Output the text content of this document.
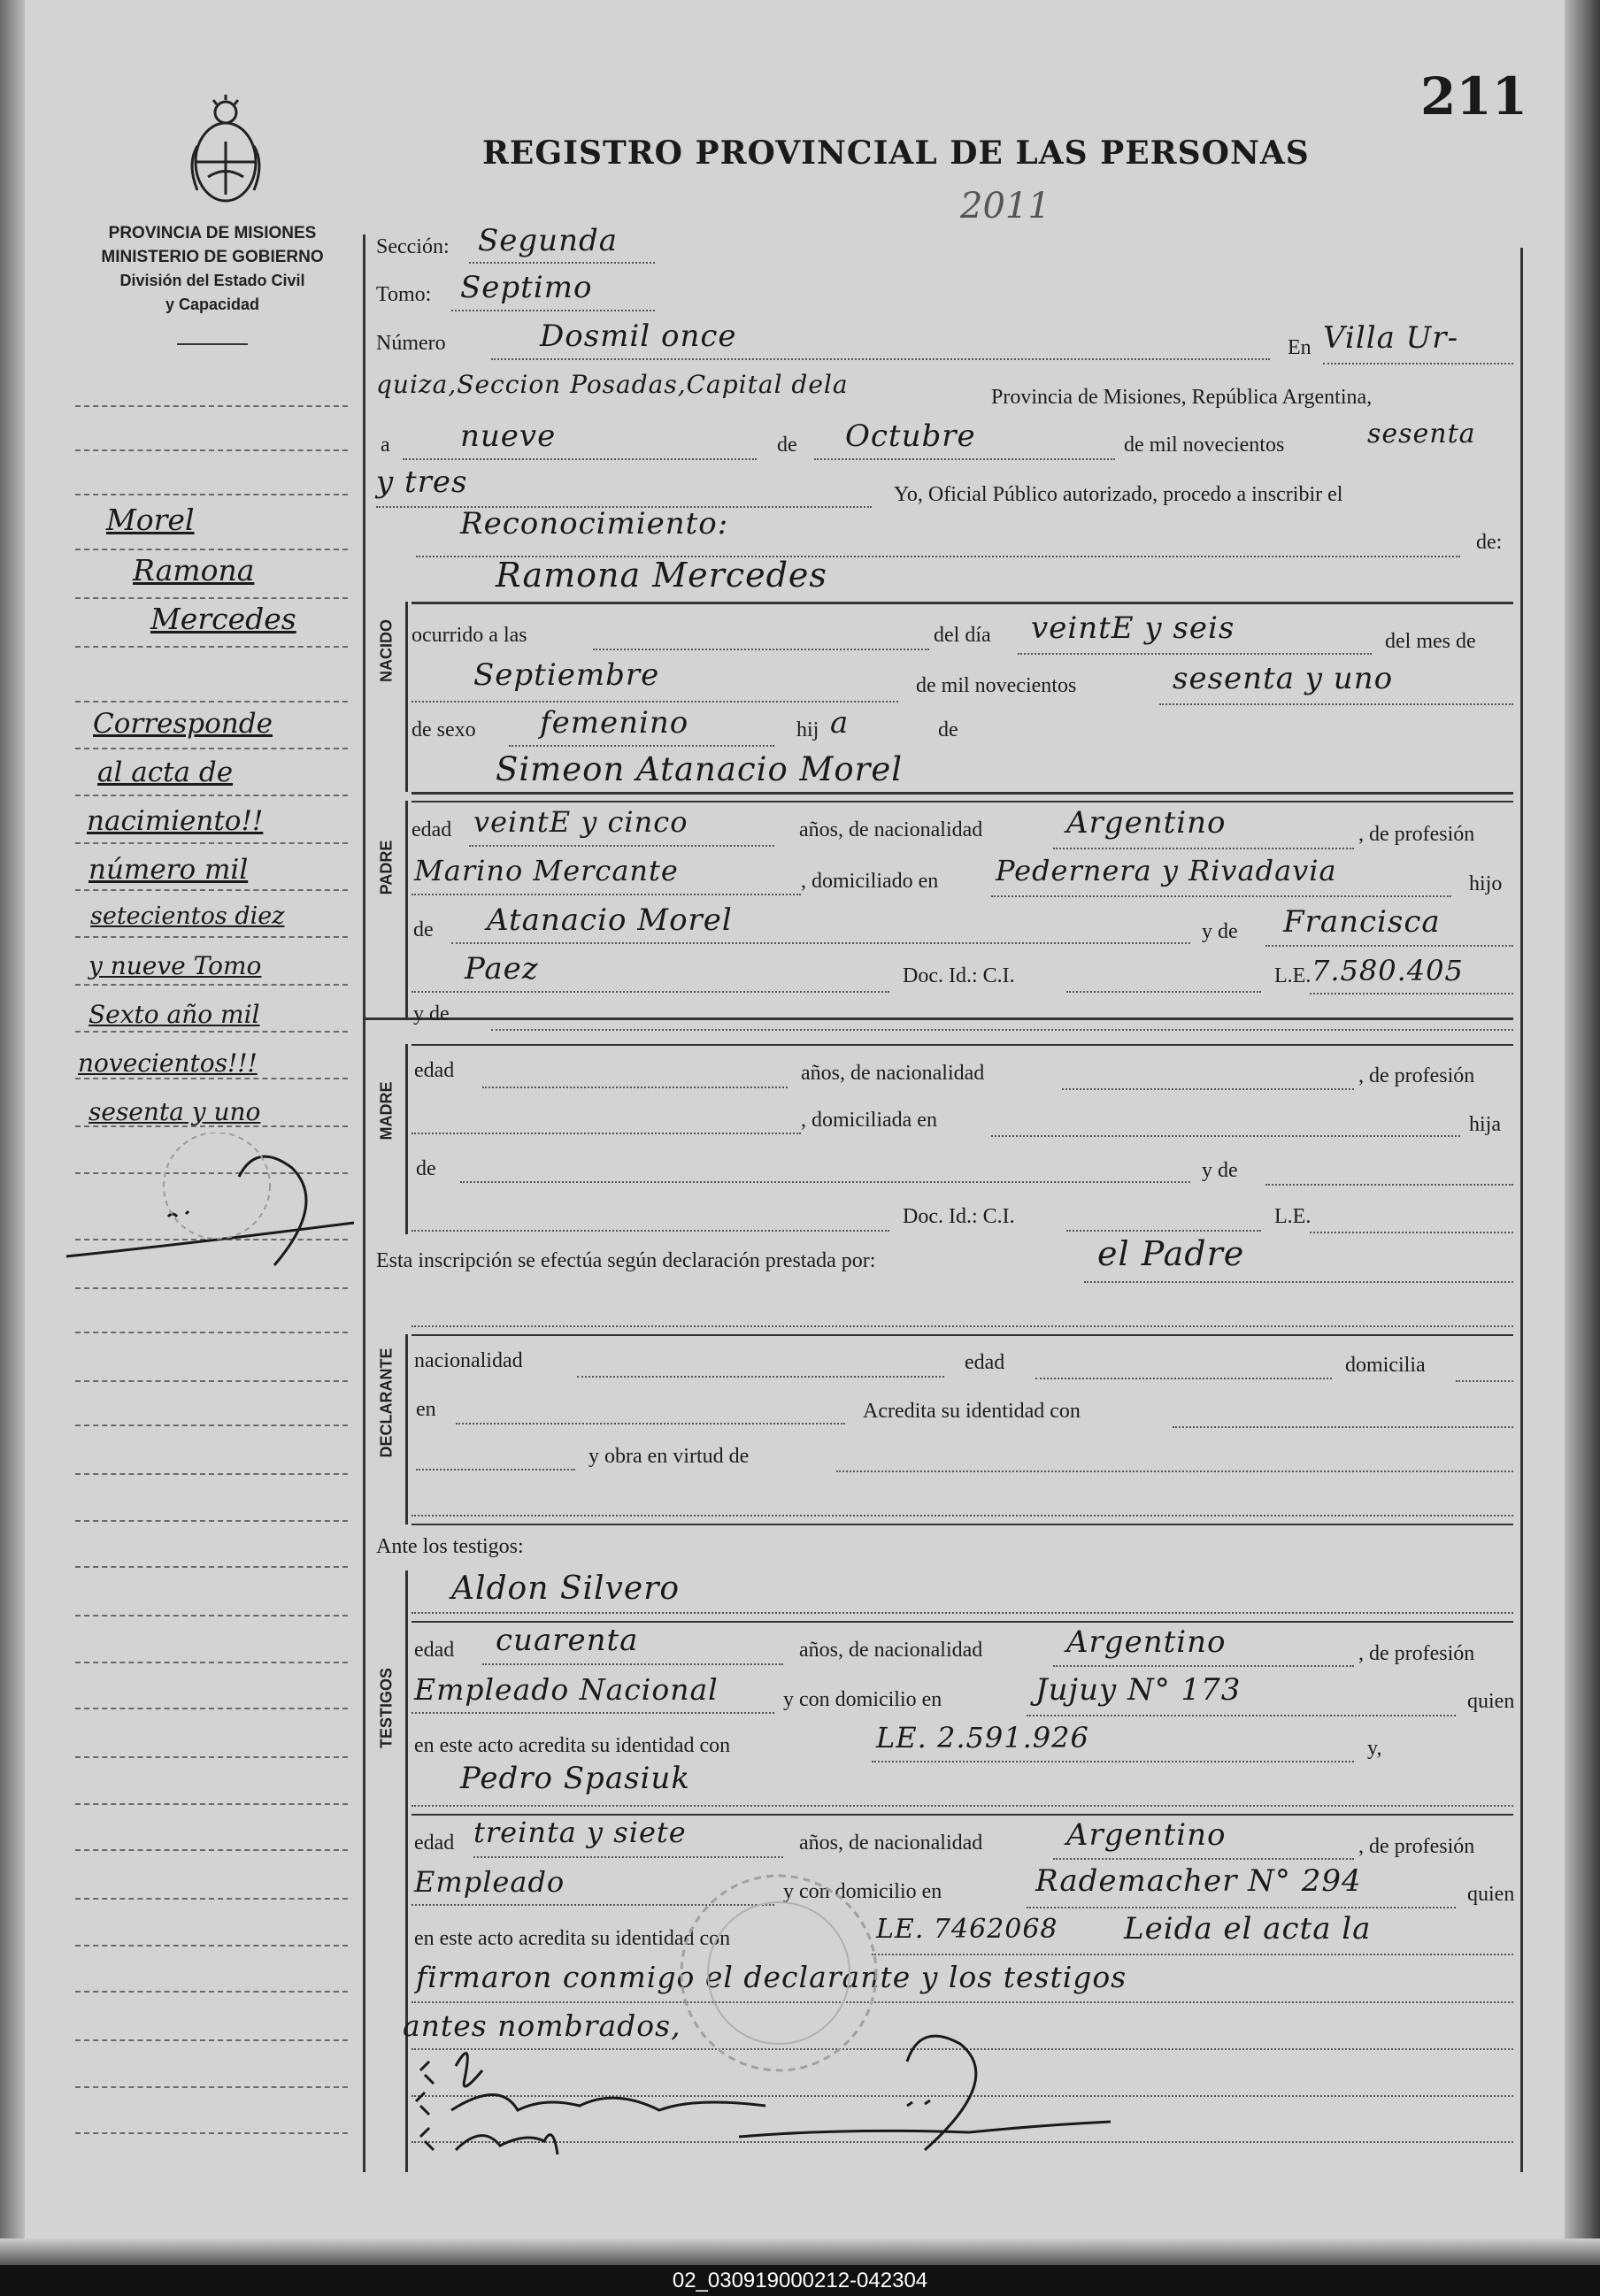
211
REGISTRO PROVINCIAL DE LAS PERSONAS
2011
PROVINCIA DE MISIONES
MINISTERIO DE GOBIERNO
División del Estado Civil
y Capacidad
Morel
Ramona
Mercedes
Corresponde
al acta de
nacimiento!!
número mil
setecientos diez
y nueve Tomo
Sexto año mil
novecientos!!!
sesenta y uno
Sección: Segunda
Tomo: Septimo
Número	Dosmil once	En Villa Ur-
quiza,Seccion Posadas,Capital dela	Provincia de Misiones, República Argentina,
a nueve	de Octubre	de mil novecientos	sesenta
y tres	Yo, Oficial Público autorizado, procedo a inscribir el
Reconocimiento:
de:
Ramona Mercedes
NACIDO ocurrido a las	del día veintE y seis	del mes de
Septiembre	de mil novecientos	sesenta y uno
de sexo femenino	hij a	de
Simeon Atanacio Morel
PADRE
edad veintE y cinco	años, de nacionalidad	Argentino	, de profesión
Marino Mercante	, domiciliado en Pedernera y Rivadavia	hijo
de Atanacio Morel	y de Francisca
Paez	Doc. Id.: C.I.	L.E. 7.580.405
y de
MADRE
edad	años, de nacionalidad	, de profesión
, domiciliada en	hija
de	y de
Doc. Id.: C.I.	L.E.
Esta inscripción se efectúa según declaración prestada por:	el Padre
DECLARANTE nacionalidad	edad	domicilia
en	Acredita su identidad con
y obra en virtud de
Ante los testigos:
TESTIGOS
Aldon Silvero
edad cuarenta	años, de nacionalidad	Argentino	, de profesión
Empleado Nacional	y con domicilio en	Jujuy N° 173	quien
en este acto acredita su identidad con	LE. 2.591.926	y,
Pedro Spasiuk
edad treinta y siete	años, de nacionalidad	Argentino	, de profesión
Empleado	y con domicilio en	Rademacher N° 294	quien
en este acto acredita su identidad con	LE. 7462068 Leida el acta la
firmaron conmigo el declarante y los testigos
antes nombrados,
02_030919000212-042304
